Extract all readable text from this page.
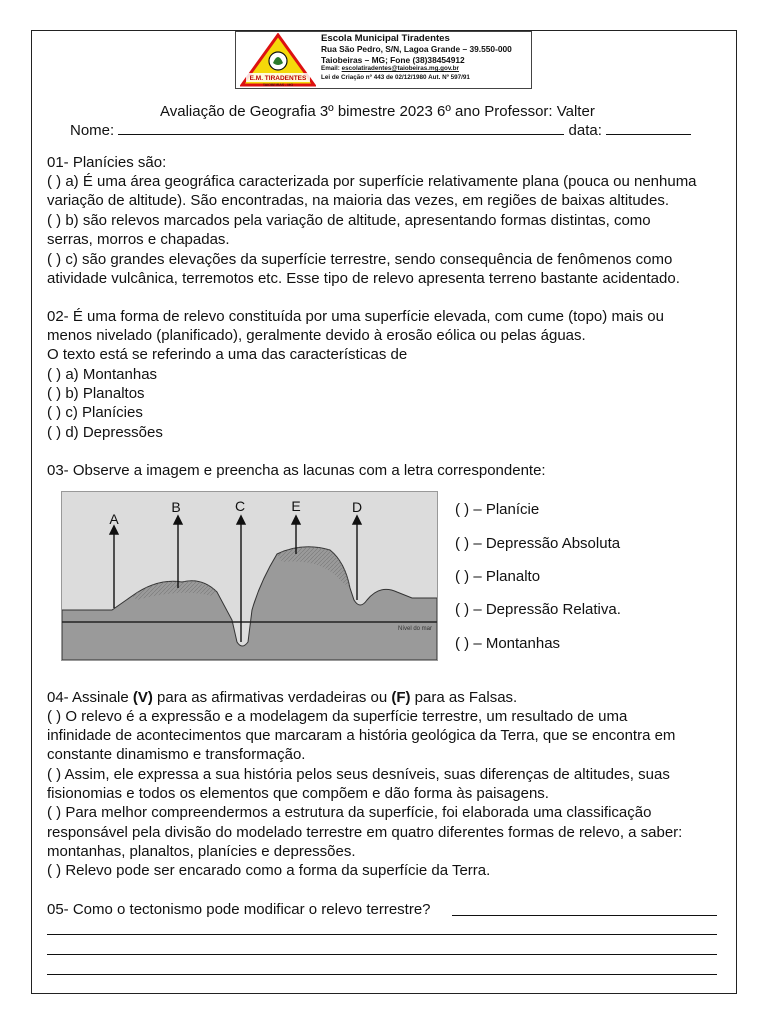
E.M. TIRADENTES
TAIOBEIRAS - MG
Escola Municipal Tiradentes
Rua São Pedro, S/N, Lagoa Grande – 39.550-000
Taiobeiras – MG; Fone (38)38454912
Email: escolatiradentes@taiobeiras.mg.gov.br
Lei de Criação nº 443 de 02/12/1980 Aut. Nº 597/91
Avaliação de Geografia 3º bimestre 2023 6º ano Professor: Valter
Nome:	data:
01- Planícies são:
( ) a) É uma área geográfica caracterizada por superfície relativamente plana (pouca ou nenhuma
variação de altitude). São encontradas, na maioria das vezes, em regiões de baixas altitudes.
( ) b) são relevos marcados pela variação de altitude, apresentando formas distintas, como
serras, morros e chapadas.
( ) c) são grandes elevações da superfície terrestre, sendo consequência de fenômenos como
atividade vulcânica, terremotos etc. Esse tipo de relevo apresenta terreno bastante acidentado.
02- É uma forma de relevo constituída por uma superfície elevada, com cume (topo) mais ou
menos nivelado (planificado), geralmente devido à erosão eólica ou pelas águas.
O texto está se referindo a uma das características de
( ) a) Montanhas
( ) b) Planaltos
( ) c) Planícies
( ) d) Depressões
03- Observe a imagem e preencha as lacunas com a letra correspondente:
Nível do mar
A
B	C	E	D	( ) – Planície
( ) – Depressão Absoluta
( ) – Planalto
( ) – Depressão Relativa.
( ) – Montanhas
04- Assinale (V) para as afirmativas verdadeiras ou (F) para as Falsas.
( ) O relevo é a expressão e a modelagem da superfície terrestre, um resultado de uma
infinidade de acontecimentos que marcaram a história geológica da Terra, que se encontra em
constante dinamismo e transformação.
( ) Assim, ele expressa a sua história pelos seus desníveis, suas diferenças de altitudes, suas
fisionomias e todos os elementos que compõem e dão forma às paisagens.
( ) Para melhor compreendermos a estrutura da superfície, foi elaborada uma classificação
responsável pela divisão do modelado terrestre em quatro diferentes formas de relevo, a saber:
montanhas, planaltos, planícies e depressões.
( ) Relevo pode ser encarado como a forma da superfície da Terra.
05- Como o tectonismo pode modificar o relevo terrestre?
